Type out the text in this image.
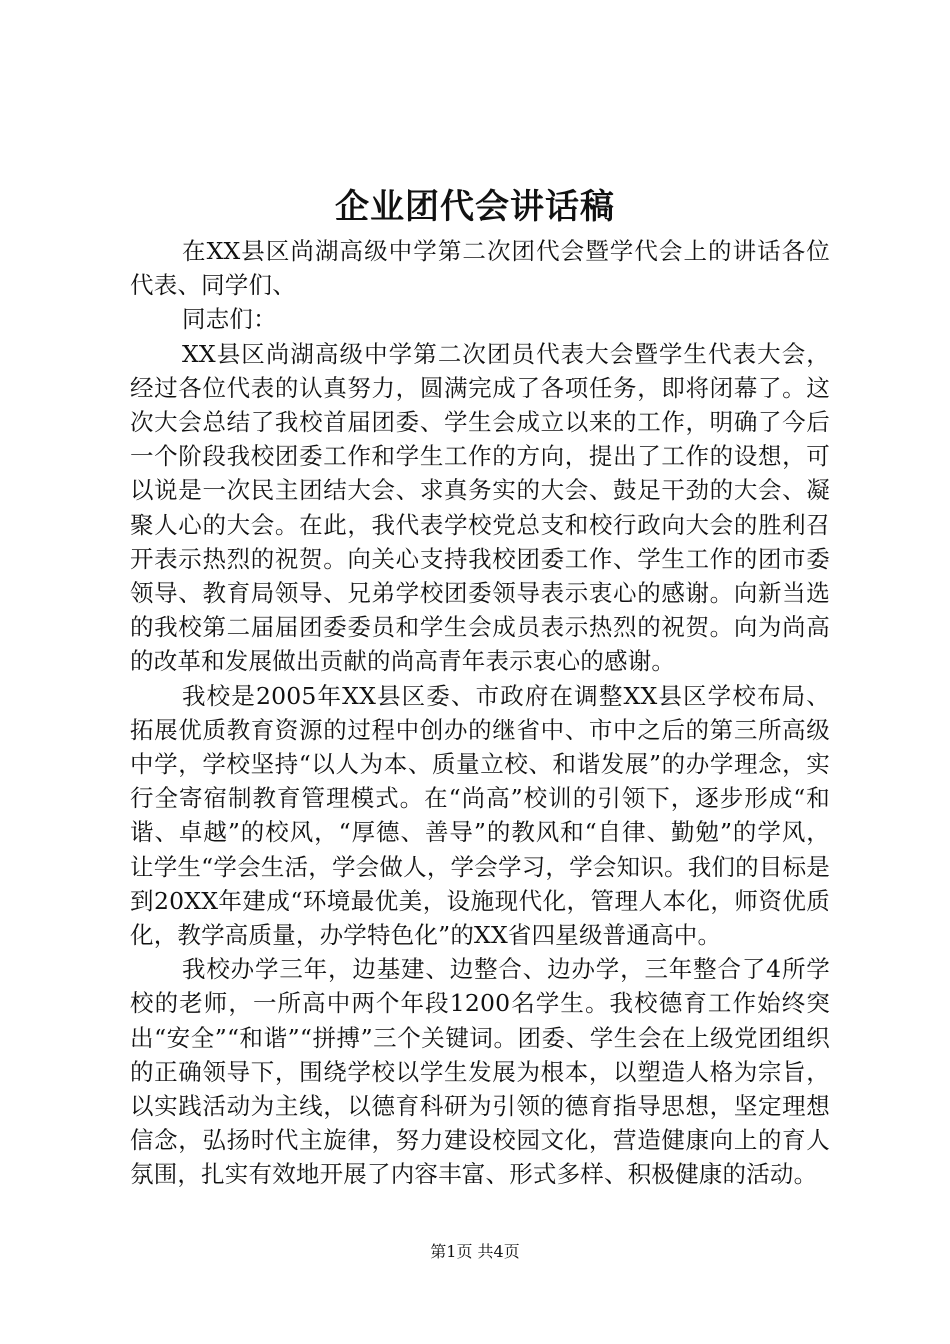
企业团代会讲话稿

在XX县区尚湖高级中学第二次团代会暨学代会上的讲话各位代表、同学们、

同志们：

XX县区尚湖高级中学第二次团员代表大会暨学生代表大会，经过各位代表的认真努力，圆满完成了各项任务，即将闭幕了。这次大会总结了我校首届团委、学生会成立以来的工作，明确了今后一个阶段我校团委工作和学生工作的方向，提出了工作的设想，可以说是一次民主团结大会、求真务实的大会、鼓足干劲的大会、凝聚人心的大会。在此，我代表学校党总支和校行政向大会的胜利召开表示热烈的祝贺。向关心支持我校团委工作、学生工作的团市委领导、教育局领导、兄弟学校团委领导表示衷心的感谢。向新当选的我校第二届届团委委员和学生会成员表示热烈的祝贺。向为尚高的改革和发展做出贡献的尚高青年表示衷心的感谢。

我校是2005年XX县区委、市政府在调整XX县区学校布局、拓展优质教育资源的过程中创办的继省中、市中之后的第三所高级中学，学校坚持“以人为本、质量立校、和谐发展”的办学理念，实行全寄宿制教育管理模式。在“尚高”校训的引领下，逐步形成“和谐、卓越”的校风，“厚德、善导”的教风和“自律、勤勉”的学风，让学生“学会生活，学会做人，学会学习，学会知识。我们的目标是到20XX年建成“环境最优美，设施现代化，管理人本化，师资优质化，教学高质量，办学特色化”的XX省四星级普通高中。

我校办学三年，边基建、边整合、边办学，三年整合了4所学校的老师，一所高中两个年段1200名学生。我校德育工作始终突出“安全”“和谐”“拼搏”三个关键词。团委、学生会在上级党团组织的正确领导下，围绕学校以学生发展为根本，以塑造人格为宗旨，以实践活动为主线，以德育科研为引领的德育指导思想，坚定理想信念，弘扬时代主旋律，努力建设校园文化，营造健康向上的育人氛围，扎实有效地开展了内容丰富、形式多样、积极健康的活动。

第1页 共4页
